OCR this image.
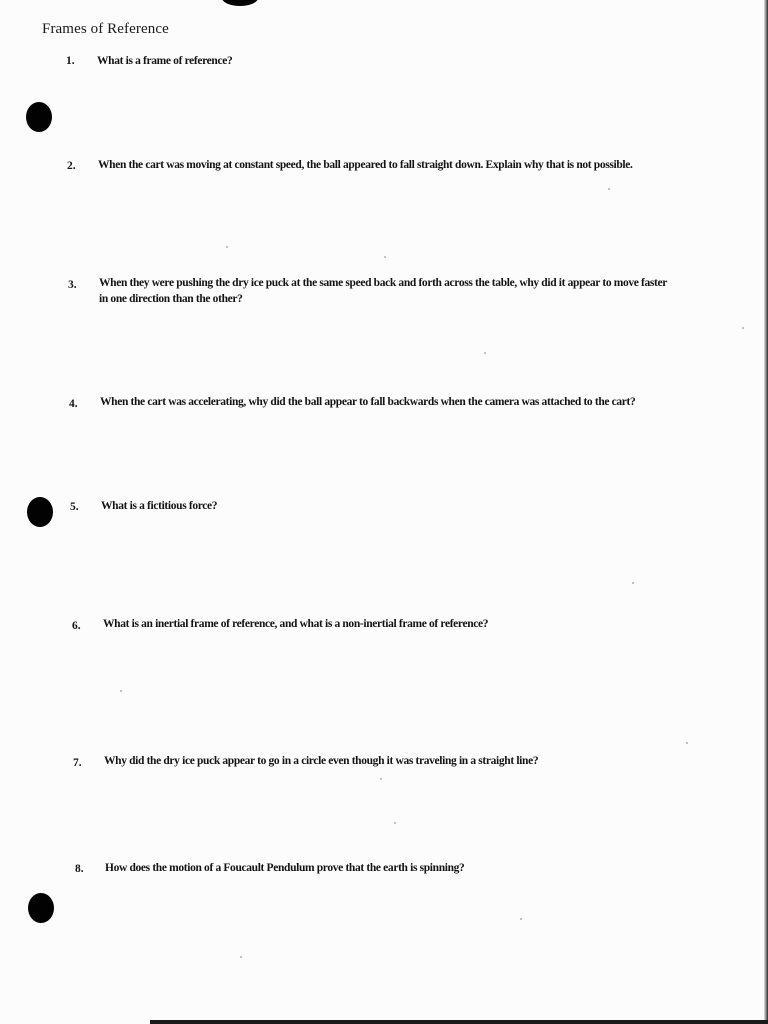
Frames of Reference
1. What is a frame of reference?
2. When the cart was moving at constant speed, the ball appeared to fall straight down. Explain why that is not possible.
3. When they were pushing the dry ice puck at the same speed back and forth across the table, why did it appear to move faster
in one direction than the other?
4. When the cart was accelerating, why did the ball appear to fall backwards when the camera was attached to the cart?
5. What is a fictitious force?
6. What is an inertial frame of reference, and what is a non-inertial frame of reference?
7. Why did the dry ice puck appear to go in a circle even though it was traveling in a straight line?
8. How does the motion of a Foucault Pendulum prove that the earth is spinning?
